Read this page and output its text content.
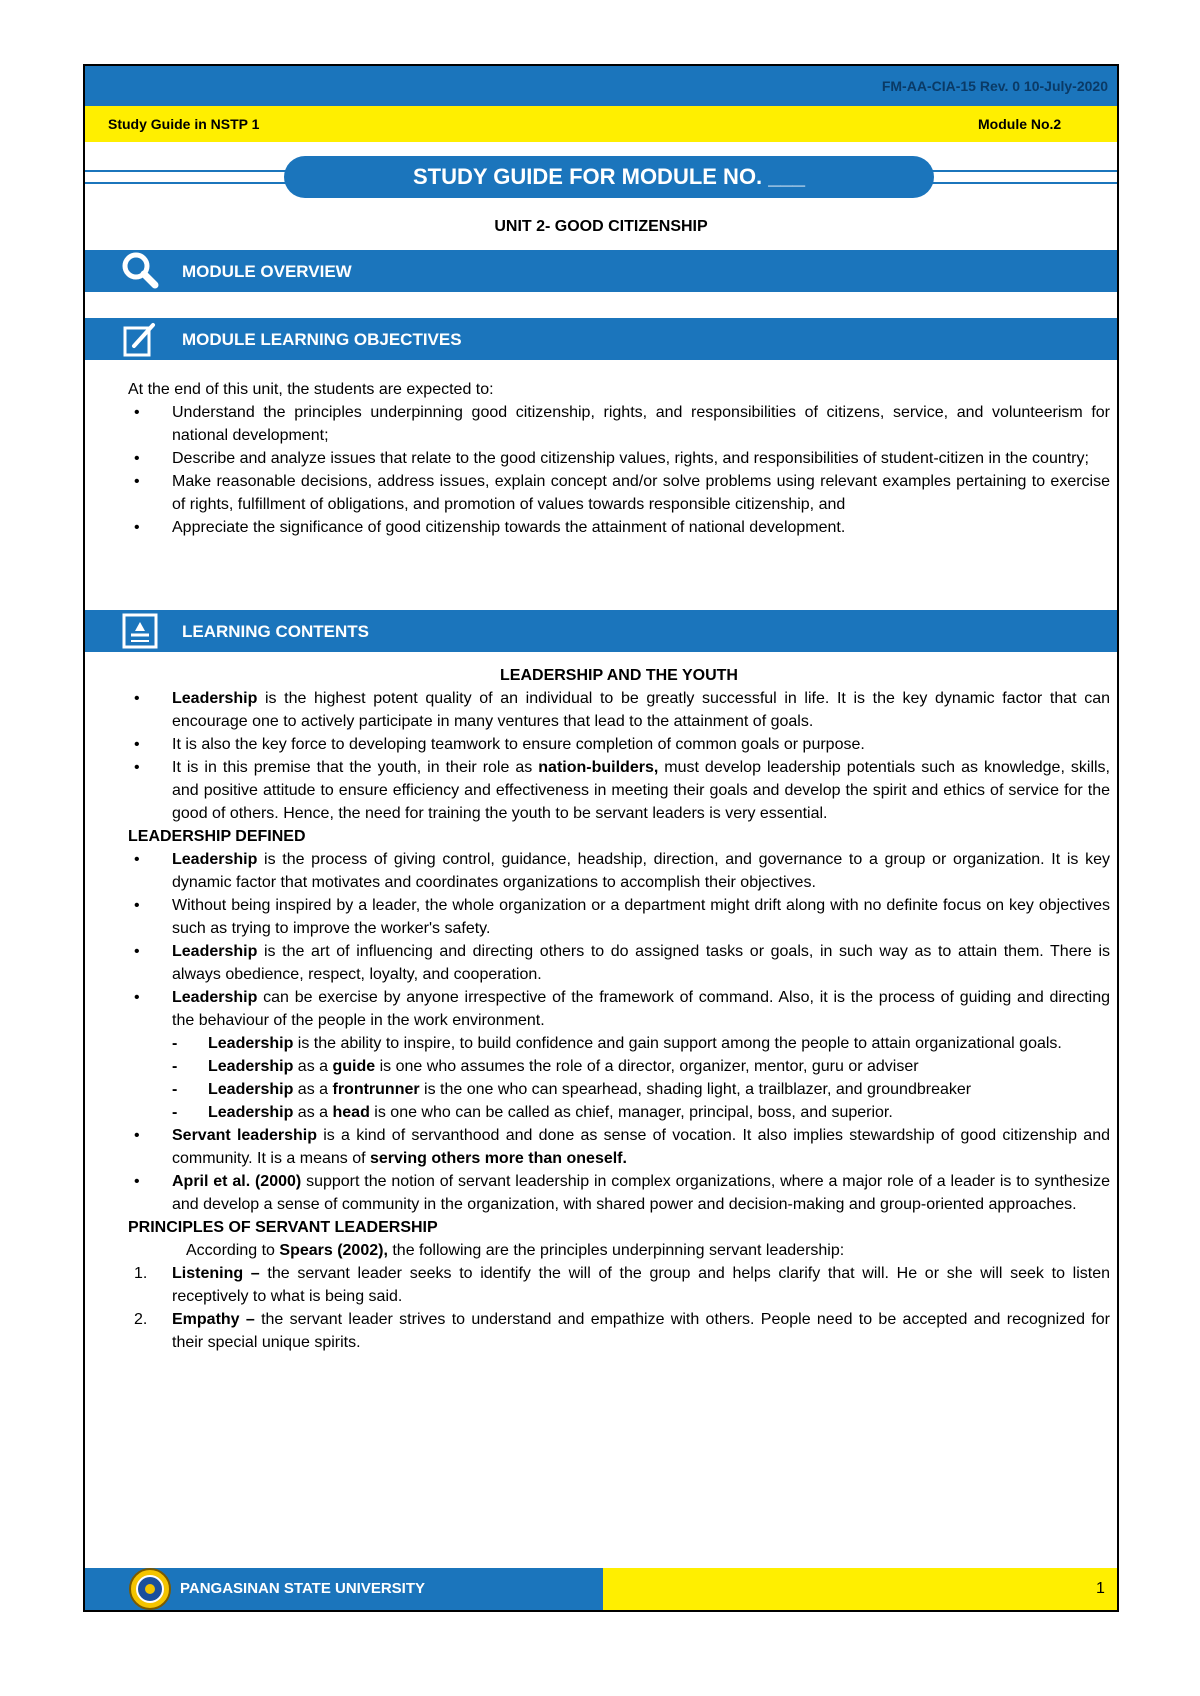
FM-AA-CIA-15 Rev. 0 10-July-2020
Study Guide in NSTP 1	Module No.2
STUDY GUIDE FOR MODULE NO. ___
UNIT 2- GOOD CITIZENSHIP
MODULE OVERVIEW
MODULE LEARNING OBJECTIVES

At the end of this unit, the students are expected to:

• Understand the principles underpinning good citizenship, rights, and responsibilities of citizens, service, and volunteerism for national development;
• Describe and analyze issues that relate to the good citizenship values, rights, and responsibilities of student-citizen in the country;
• Make reasonable decisions, address issues, explain concept and/or solve problems using relevant examples pertaining to exercise of rights, fulfillment of obligations, and promotion of values towards responsible citizenship, and
• Appreciate the significance of good citizenship towards the attainment of national development.
LEARNING CONTENTS

LEADERSHIP AND THE YOUTH

• Leadership is the highest potent quality of an individual to be greatly successful in life. It is the key dynamic factor that can encourage one to actively participate in many ventures that lead to the attainment of goals.
• It is also the key force to developing teamwork to ensure completion of common goals or purpose.
• It is in this premise that the youth, in their role as nation-builders, must develop leadership potentials such as knowledge, skills, and positive attitude to ensure efficiency and effectiveness in meeting their goals and develop the spirit and ethics of service for the good of others. Hence, the need for training the youth to be servant leaders is very essential.

LEADERSHIP DEFINED

• Leadership is the process of giving control, guidance, headship, direction, and governance to a group or organization. It is key dynamic factor that motivates and coordinates organizations to accomplish their objectives.
• Without being inspired by a leader, the whole organization or a department might drift along with no definite focus on key objectives such as trying to improve the worker's safety.
• Leadership is the art of influencing and directing others to do assigned tasks or goals, in such way as to attain them. There is always obedience, respect, loyalty, and cooperation.
• Leadership can be exercise by anyone irrespective of the framework of command. Also, it is the process of guiding and directing the behaviour of the people in the work environment.
- Leadership is the ability to inspire, to build confidence and gain support among the people to attain organizational goals.
- Leadership as a guide is one who assumes the role of a director, organizer, mentor, guru or adviser
- Leadership as a frontrunner is the one who can spearhead, shading light, a trailblazer, and groundbreaker
- Leadership as a head is one who can be called as chief, manager, principal, boss, and superior.
• Servant leadership is a kind of servanthood and done as sense of vocation. It also implies stewardship of good citizenship and community. It is a means of serving others more than oneself.
• April et al. (2000) support the notion of servant leadership in complex organizations, where a major role of a leader is to synthesize and develop a sense of community in the organization, with shared power and decision-making and group-oriented approaches.

PRINCIPLES OF SERVANT LEADERSHIP

According to Spears (2002), the following are the principles underpinning servant leadership:

1. Listening – the servant leader seeks to identify the will of the group and helps clarify that will. He or she will seek to listen receptively to what is being said.
2. Empathy – the servant leader strives to understand and empathize with others. People need to be accepted and recognized for their special unique spirits.
PANGASINAN STATE UNIVERSITY	1
